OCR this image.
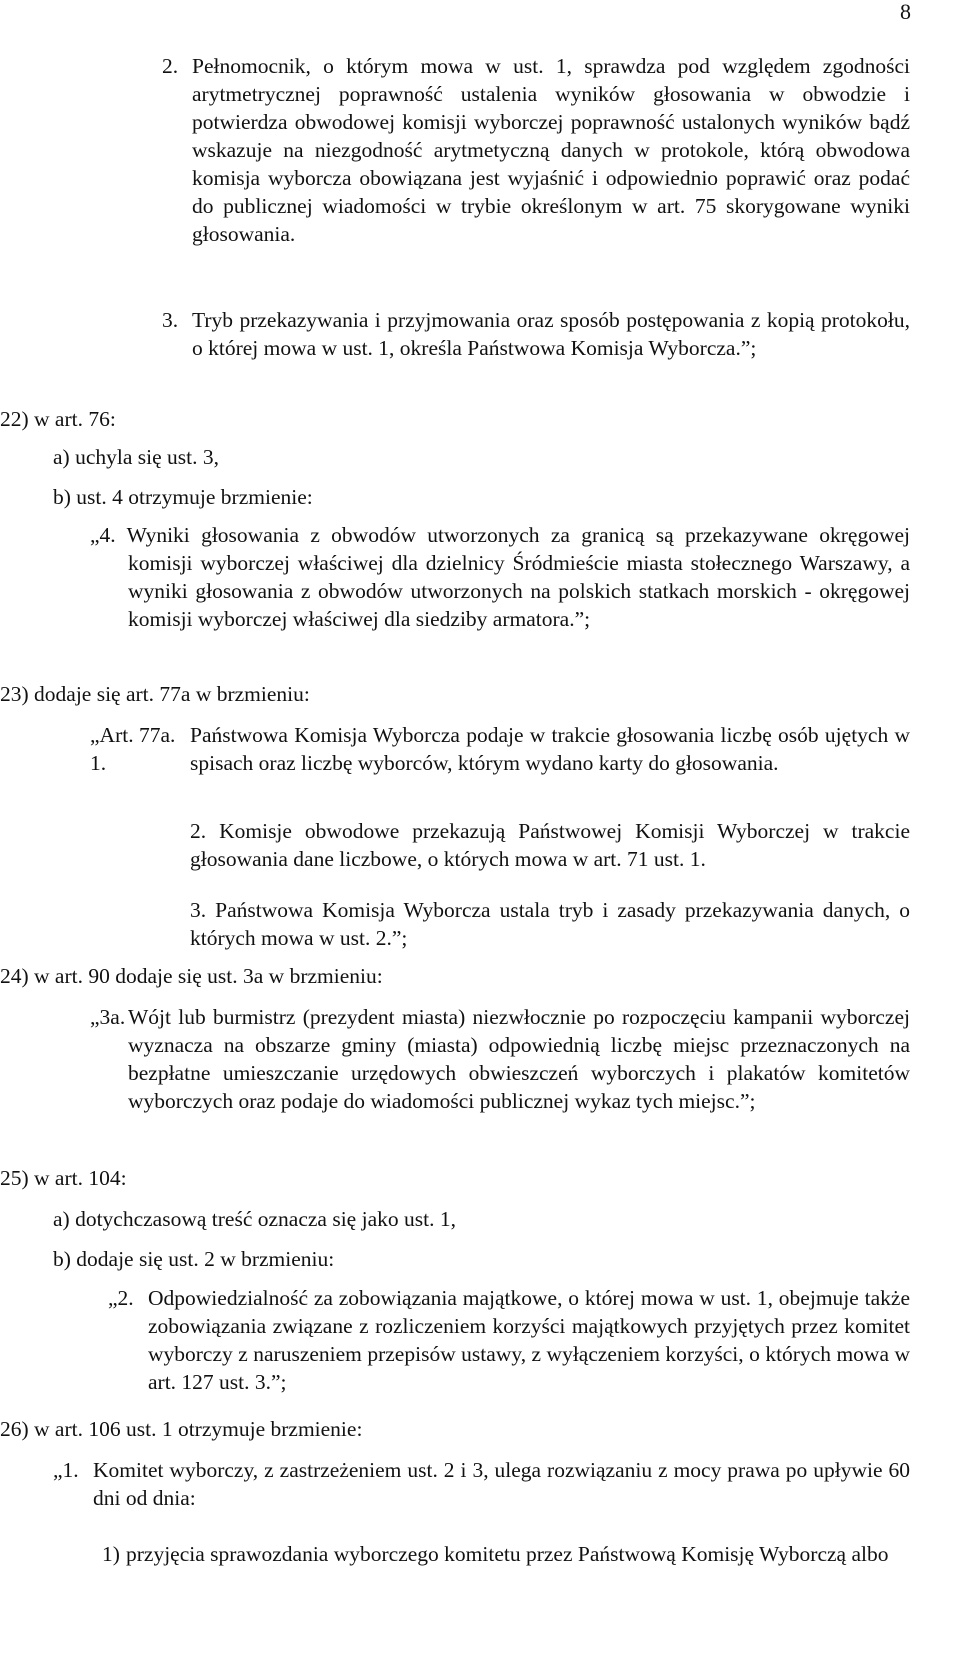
8
2. Pełnomocnik, o którym mowa w ust. 1, sprawdza pod względem zgodności arytmetrycznej poprawność ustalenia wyników głosowania w obwodzie i potwierdza obwodowej komisji wyborczej poprawność ustalonych wyników bądź wskazuje na niezgodność arytmetyczną danych w protokole, którą obwodowa komisja wyborcza obowiązana jest wyjaśnić i odpowiednio poprawić oraz podać do publicznej wiadomości w trybie określonym w art. 75 skorygowane wyniki głosowania.
3. Tryb przekazywania i przyjmowania oraz sposób postępowania z kopią protokołu, o której mowa w ust. 1, określa Państwowa Komisja Wyborcza.”;
22) w art. 76:
a) uchyla się ust. 3,
b) ust. 4 otrzymuje brzmienie:
„4. Wyniki głosowania z obwodów utworzonych za granicą są przekazywane okręgowej komisji wyborczej właściwej dla dzielnicy Śródmieście miasta stołecznego Warszawy, a wyniki głosowania z obwodów utworzonych na polskich statkach morskich - okręgowej komisji wyborczej właściwej dla siedziby armatora.”;
23) dodaje się art. 77a w brzmieniu:
„Art. 77a. 1.
Państwowa Komisja Wyborcza podaje w trakcie głosowania liczbę osób ujętych w spisach oraz liczbę wyborców, którym wydano karty do głosowania.
2. Komisje obwodowe przekazują Państwowej Komisji Wyborczej w trakcie głosowania dane liczbowe, o których mowa w art. 71 ust. 1.
3. Państwowa Komisja Wyborcza ustala tryb i zasady przekazywania danych, o których mowa w ust. 2.”;
24) w art. 90 dodaje się ust. 3a w brzmieniu:
„3a. Wójt lub burmistrz (prezydent miasta) niezwłocznie po rozpoczęciu kampanii wyborczej wyznacza na obszarze gminy (miasta) odpowiednią liczbę miejsc przeznaczonych na bezpłatne umieszczanie urzędowych obwieszczeń wyborczych i plakatów komitetów wyborczych oraz podaje do wiadomości publicznej wykaz tych miejsc.”;
25) w art. 104:
a) dotychczasową treść oznacza się jako ust. 1,
b) dodaje się ust. 2 w brzmieniu:
„2. Odpowiedzialność za zobowiązania majątkowe, o której mowa w ust. 1, obejmuje także zobowiązania związane z rozliczeniem korzyści majątkowych przyjętych przez komitet wyborczy z naruszeniem przepisów ustawy, z wyłączeniem korzyści, o których mowa w art. 127 ust. 3.”;
26) w art. 106 ust. 1 otrzymuje brzmienie:
„1. Komitet wyborczy, z zastrzeżeniem ust. 2 i 3, ulega rozwiązaniu z mocy prawa po upływie 60 dni od dnia:
1) przyjęcia sprawozdania wyborczego komitetu przez Państwową Komisję Wyborczą albo
